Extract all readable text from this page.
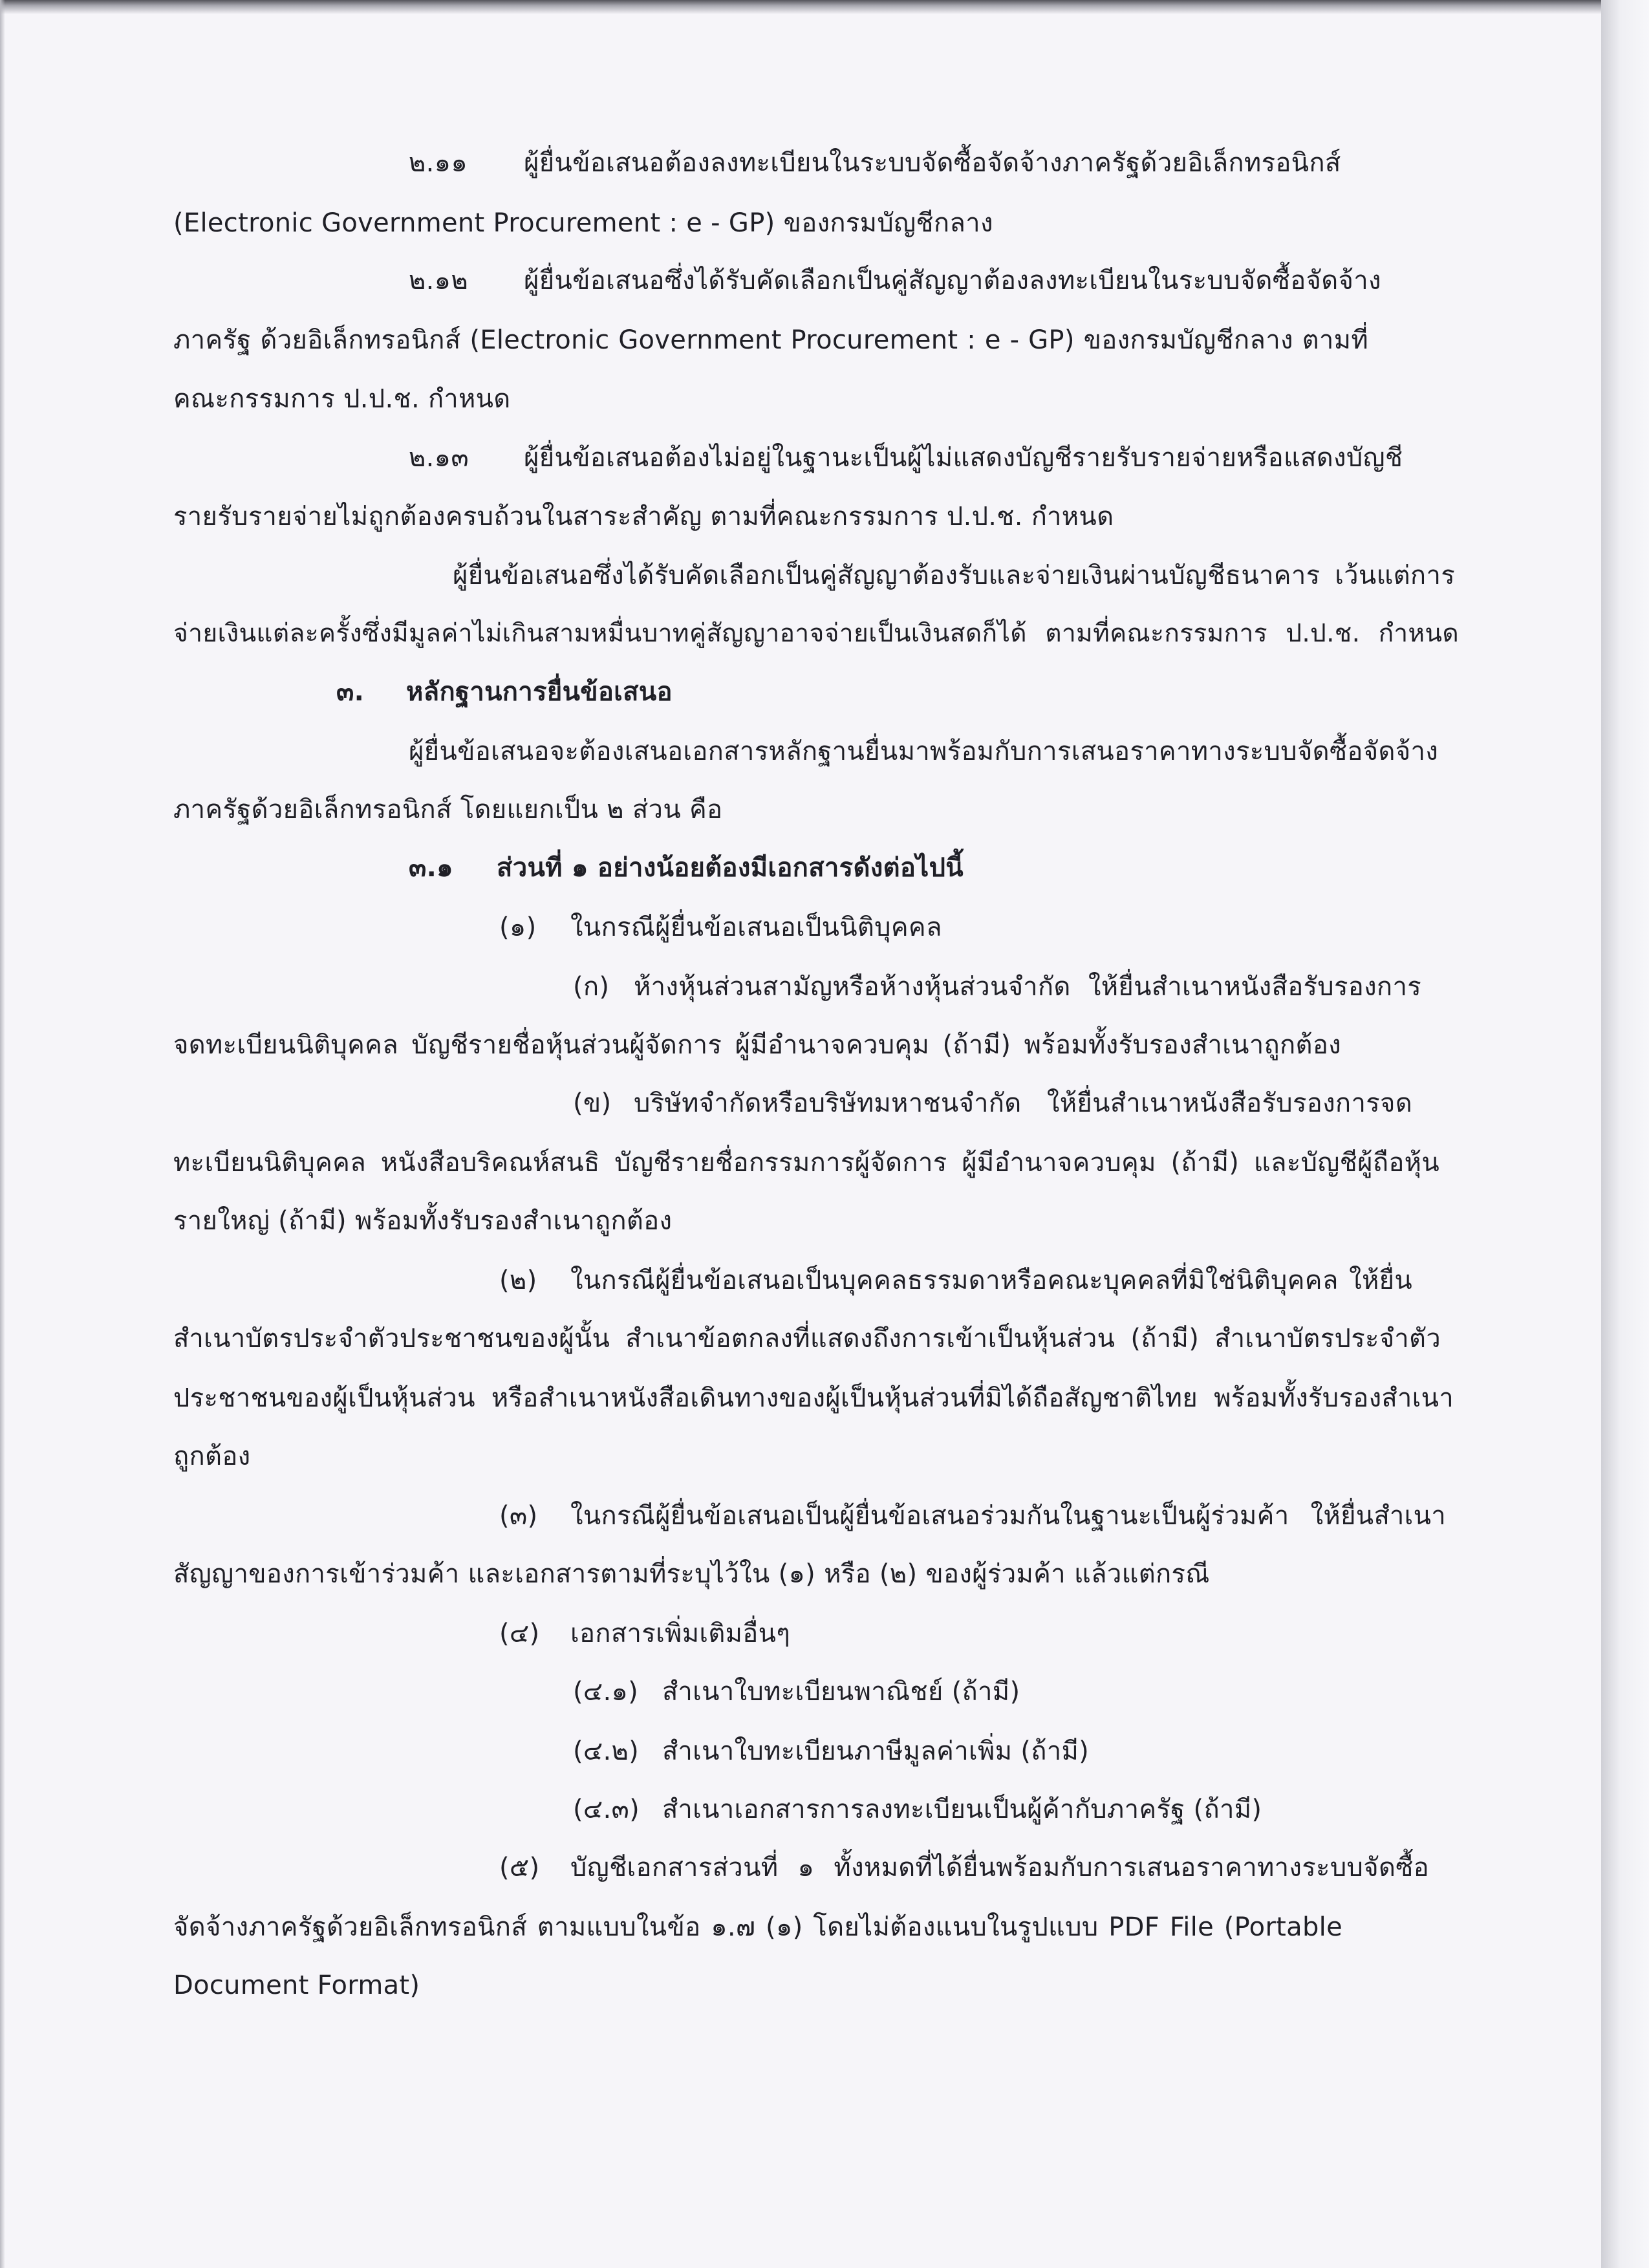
๒.๑๑ ผู้ยื่นข้อเสนอต้องลงทะเบียนในระบบจัดซื้อจัดจ้างภาครัฐด้วยอิเล็กทรอนิกส์
(Electronic Government Procurement : e - GP) ของกรมบัญชีกลาง
๒.๑๒ ผู้ยื่นข้อเสนอซึ่งได้รับคัดเลือกเป็นคู่สัญญาต้องลงทะเบียนในระบบจัดซื้อจัดจ้าง
ภาครัฐ ด้วยอิเล็กทรอนิกส์ (Electronic Government Procurement : e - GP) ของกรมบัญชีกลาง ตามที่
คณะกรรมการ ป.ป.ช. กำหนด
๒.๑๓ ผู้ยื่นข้อเสนอต้องไม่อยู่ในฐานะเป็นผู้ไม่แสดงบัญชีรายรับรายจ่ายหรือแสดงบัญชี
รายรับรายจ่ายไม่ถูกต้องครบถ้วนในสาระสำคัญ ตามที่คณะกรรมการ ป.ป.ช. กำหนด
ผู้ยื่นข้อเสนอซึ่งได้รับคัดเลือกเป็นคู่สัญญาต้องรับและจ่ายเงินผ่านบัญชีธนาคาร เว้นแต่การ
จ่ายเงินแต่ละครั้งซึ่งมีมูลค่าไม่เกินสามหมื่นบาทคู่สัญญาอาจจ่ายเป็นเงินสดก็ได้ ตามที่คณะกรรมการ ป.ป.ช. กำหนด
๓. หลักฐานการยื่นข้อเสนอ
ผู้ยื่นข้อเสนอจะต้องเสนอเอกสารหลักฐานยื่นมาพร้อมกับการเสนอราคาทางระบบจัดซื้อจัดจ้าง
ภาครัฐด้วยอิเล็กทรอนิกส์ โดยแยกเป็น ๒ ส่วน คือ
๓.๑ ส่วนที่ ๑ อย่างน้อยต้องมีเอกสารดังต่อไปนี้
(๑) ในกรณีผู้ยื่นข้อเสนอเป็นนิติบุคคล
(ก) ห้างหุ้นส่วนสามัญหรือห้างหุ้นส่วนจำกัด ให้ยื่นสำเนาหนังสือรับรองการ
จดทะเบียนนิติบุคคล บัญชีรายชื่อหุ้นส่วนผู้จัดการ ผู้มีอำนาจควบคุม (ถ้ามี) พร้อมทั้งรับรองสำเนาถูกต้อง
(ข) บริษัทจำกัดหรือบริษัทมหาชนจำกัด ให้ยื่นสำเนาหนังสือรับรองการจด
ทะเบียนนิติบุคคล หนังสือบริคณห์สนธิ บัญชีรายชื่อกรรมการผู้จัดการ ผู้มีอำนาจควบคุม (ถ้ามี) และบัญชีผู้ถือหุ้น
รายใหญ่ (ถ้ามี) พร้อมทั้งรับรองสำเนาถูกต้อง
(๒) ในกรณีผู้ยื่นข้อเสนอเป็นบุคคลธรรมดาหรือคณะบุคคลที่มิใช่นิติบุคคล ให้ยื่น
สำเนาบัตรประจำตัวประชาชนของผู้นั้น สำเนาข้อตกลงที่แสดงถึงการเข้าเป็นหุ้นส่วน (ถ้ามี) สำเนาบัตรประจำตัว
ประชาชนของผู้เป็นหุ้นส่วน หรือสำเนาหนังสือเดินทางของผู้เป็นหุ้นส่วนที่มิได้ถือสัญชาติไทย พร้อมทั้งรับรองสำเนา
ถูกต้อง
(๓) ในกรณีผู้ยื่นข้อเสนอเป็นผู้ยื่นข้อเสนอร่วมกันในฐานะเป็นผู้ร่วมค้า ให้ยื่นสำเนา
สัญญาของการเข้าร่วมค้า และเอกสารตามที่ระบุไว้ใน (๑) หรือ (๒) ของผู้ร่วมค้า แล้วแต่กรณี
(๔) เอกสารเพิ่มเติมอื่นๆ
(๔.๑) สำเนาใบทะเบียนพาณิชย์ (ถ้ามี)
(๔.๒) สำเนาใบทะเบียนภาษีมูลค่าเพิ่ม (ถ้ามี)
(๔.๓) สำเนาเอกสารการลงทะเบียนเป็นผู้ค้ากับภาครัฐ (ถ้ามี)
(๕) บัญชีเอกสารส่วนที่ ๑ ทั้งหมดที่ได้ยื่นพร้อมกับการเสนอราคาทางระบบจัดซื้อ
จัดจ้างภาครัฐด้วยอิเล็กทรอนิกส์ ตามแบบในข้อ ๑.๗ (๑) โดยไม่ต้องแนบในรูปแบบ PDF File (Portable
Document Format)
